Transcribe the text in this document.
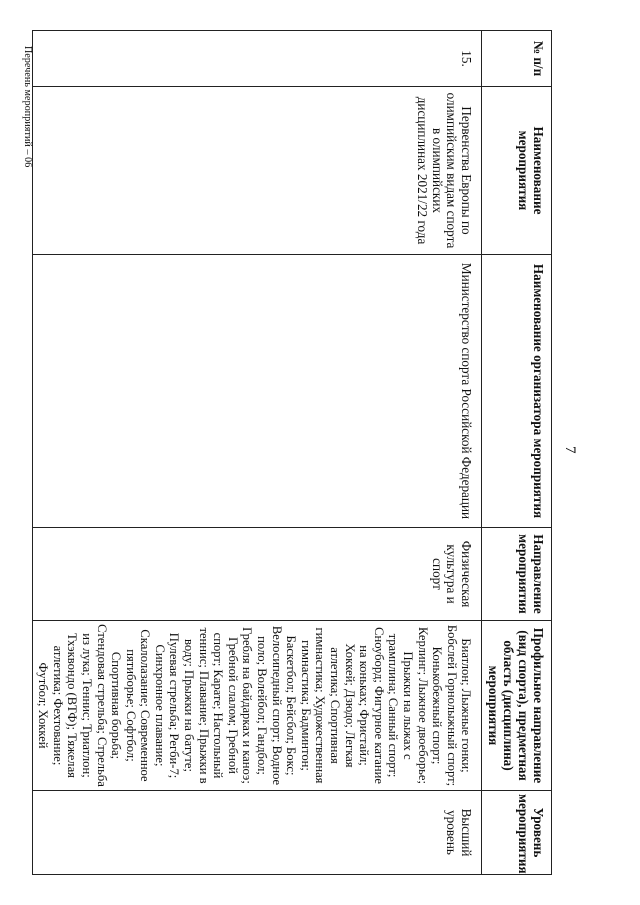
7
№ п/п	Наименование мероприятия	Наименование организатора мероприятия	Направление мероприятия	Профильное направление (вид спорта), предметная область (дисциплина) мероприятия	Уровень мероприятия
15.	Первенства Европы по олимпийским видам спорта в олимпийских дисциплинах 2021/22 года	Министерство спорта Российской Федерации	Физическая культура и спорт	Биатлон; Лыжные гонки; Бобслей Горнолыжный спорт; Конькобежный спорт; Керлинг; Лыжное двоеборье; Прыжки на лыжах с трамплина; Санный спорт; Сноуборд; Фигурное катание на коньках; Фристайл; Хоккей; Дзюдо; Легкая атлетика; Спортивная гимнастика; Художественная гимнастика; Бадминтон; Баскетбол; Бейсбол; Бокс; Велосипедный спорт; Водное поло; Волейбол; Гандбол; Гребля на байдарках и каноэ; Гребной слалом; Гребной спорт; Карате; Настольный теннис; Плавание; Прыжки в воду; Прыжки на батуте; Пулевая стрельба; Регби-7; Синхронное плавание; Скалолазание; Современное пятиборье; Софтбол; Спортивная борьба; Стендовая стрельба; Стрельба из лука; Теннис; Триатлон; Тхэквондо (ВТФ); Тяжелая атлетика; Фехтование; Футбол; Хоккей	Высший уровень
Перечень мероприятий – 06
